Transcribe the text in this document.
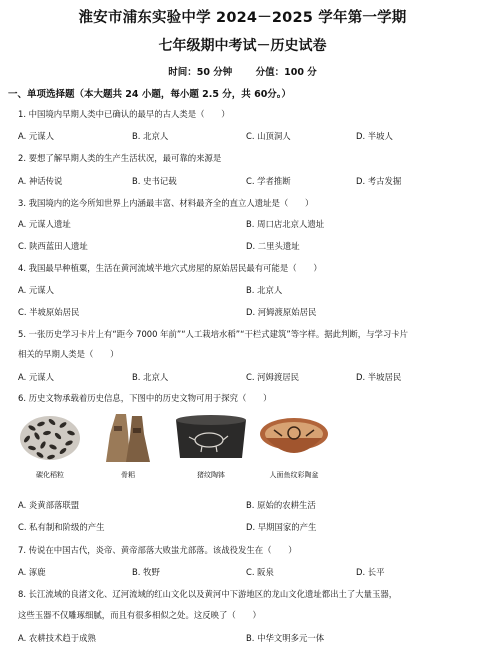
淮安市浦东实验中学 2024－2025 学年第一学期
七年级期中考试－历史试卷
时间：50 分钟 分值：100 分
一、单项选择题（本大题共 24 小题，每小题 2.5 分，共 60分。）
1. 中国境内早期人类中已确认的最早的古人类是（　　）
A. 元谋人	B. 北京人	C. 山顶洞人	D. 半坡人
2. 要想了解早期人类的生产生活状况，最可靠的来源是
A. 神话传说	B. 史书记载	C. 学者推断	D. 考古发掘
3. 我国境内的迄今所知世界上内涵最丰富、材料最齐全的直立人遗址是（　　）
A. 元谋人遗址	B. 周口店北京人遗址
C. 陕西蓝田人遗址	D. 二里头遗址
4. 我国最早种植粟，生活在黄河流域半地穴式房屋的原始居民最有可能是（　　）
A. 元谋人	B. 北京人
C. 半坡原始居民	D. 河姆渡原始居民
5. 一张历史学习卡片上有“距今 7000 年前”“人工栽培水稻”“干栏式建筑”等字样。据此判断，与学习卡片
相关的早期人类是（　　）
A. 元谋人	B. 北京人	C. 河姆渡居民	D. 半坡居民
6. 历史文物承载着历史信息，下图中的历史文物可用于探究（　　）
碳化稻粒	骨耜	猪纹陶钵	人面鱼纹彩陶盆
A. 炎黄部落联盟	B. 原始的农耕生活
C. 私有制和阶级的产生	D. 早期国家的产生
7. 传说在中国古代，炎帝、黄帝部落大败蚩尤部落。该战役发生在（　　）
A. 涿鹿	B. 牧野	C. 阪泉	D. 长平
8. 长江流域的良渚文化、辽河流域的红山文化以及黄河中下游地区的龙山文化遗址都出土了大量玉器，
这些玉器不仅雕琢细腻，而且有很多相似之处。这反映了（　　）
A. 农耕技术趋于成熟	B. 中华文明多元一体
